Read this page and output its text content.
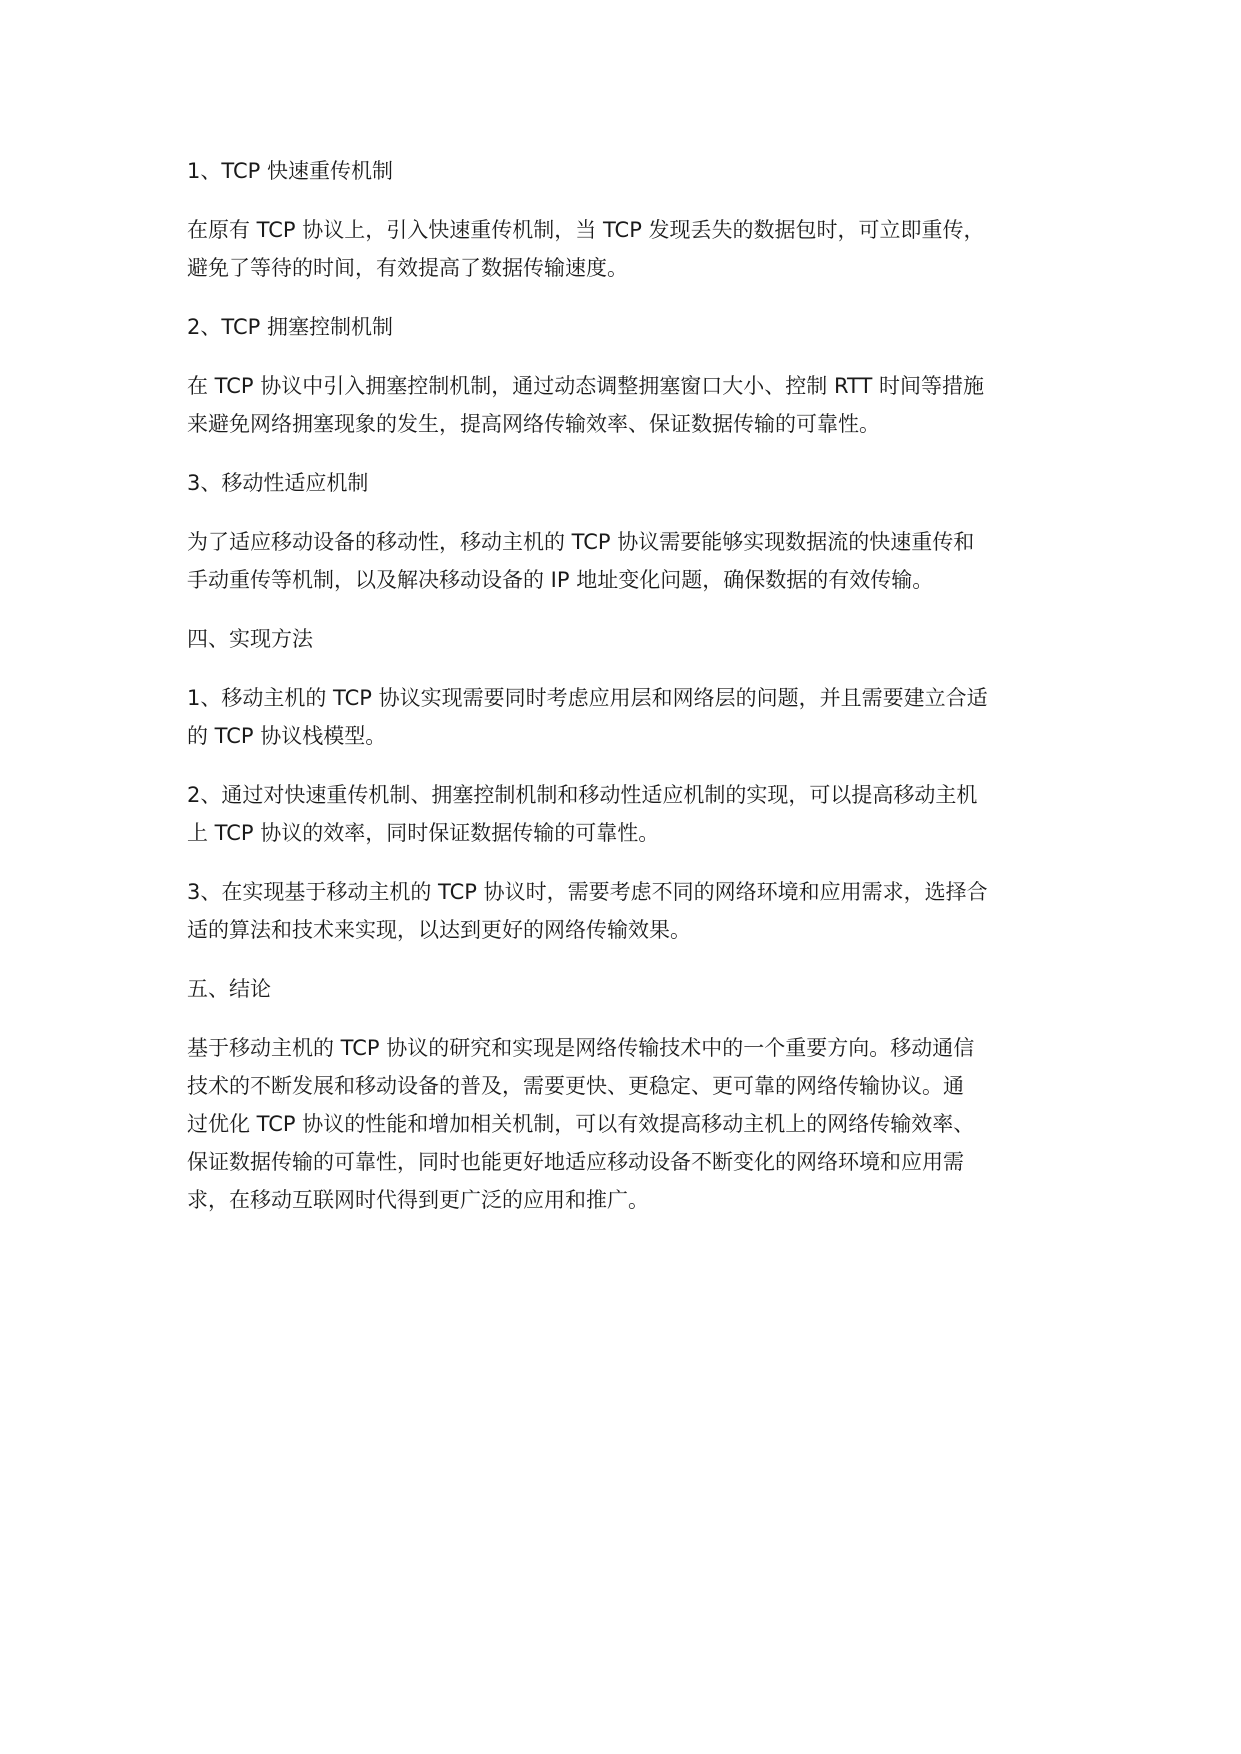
1、TCP 快速重传机制
在原有 TCP 协议上，引入快速重传机制，当 TCP 发现丢失的数据包时，可立即重传，
避免了等待的时间，有效提高了数据传输速度。
2、TCP 拥塞控制机制
在 TCP 协议中引入拥塞控制机制，通过动态调整拥塞窗口大小、控制 RTT 时间等措施
来避免网络拥塞现象的发生，提高网络传输效率、保证数据传输的可靠性。
3、移动性适应机制
为了适应移动设备的移动性，移动主机的 TCP 协议需要能够实现数据流的快速重传和
手动重传等机制，以及解决移动设备的 IP 地址变化问题，确保数据的有效传输。
四、实现方法
1、移动主机的 TCP 协议实现需要同时考虑应用层和网络层的问题，并且需要建立合适
的 TCP 协议栈模型。
2、通过对快速重传机制、拥塞控制机制和移动性适应机制的实现，可以提高移动主机
上 TCP 协议的效率，同时保证数据传输的可靠性。
3、在实现基于移动主机的 TCP 协议时，需要考虑不同的网络环境和应用需求，选择合
适的算法和技术来实现，以达到更好的网络传输效果。
五、结论
基于移动主机的 TCP 协议的研究和实现是网络传输技术中的一个重要方向。移动通信
技术的不断发展和移动设备的普及，需要更快、更稳定、更可靠的网络传输协议。通
过优化 TCP 协议的性能和增加相关机制，可以有效提高移动主机上的网络传输效率、
保证数据传输的可靠性，同时也能更好地适应移动设备不断变化的网络环境和应用需
求，在移动互联网时代得到更广泛的应用和推广。
